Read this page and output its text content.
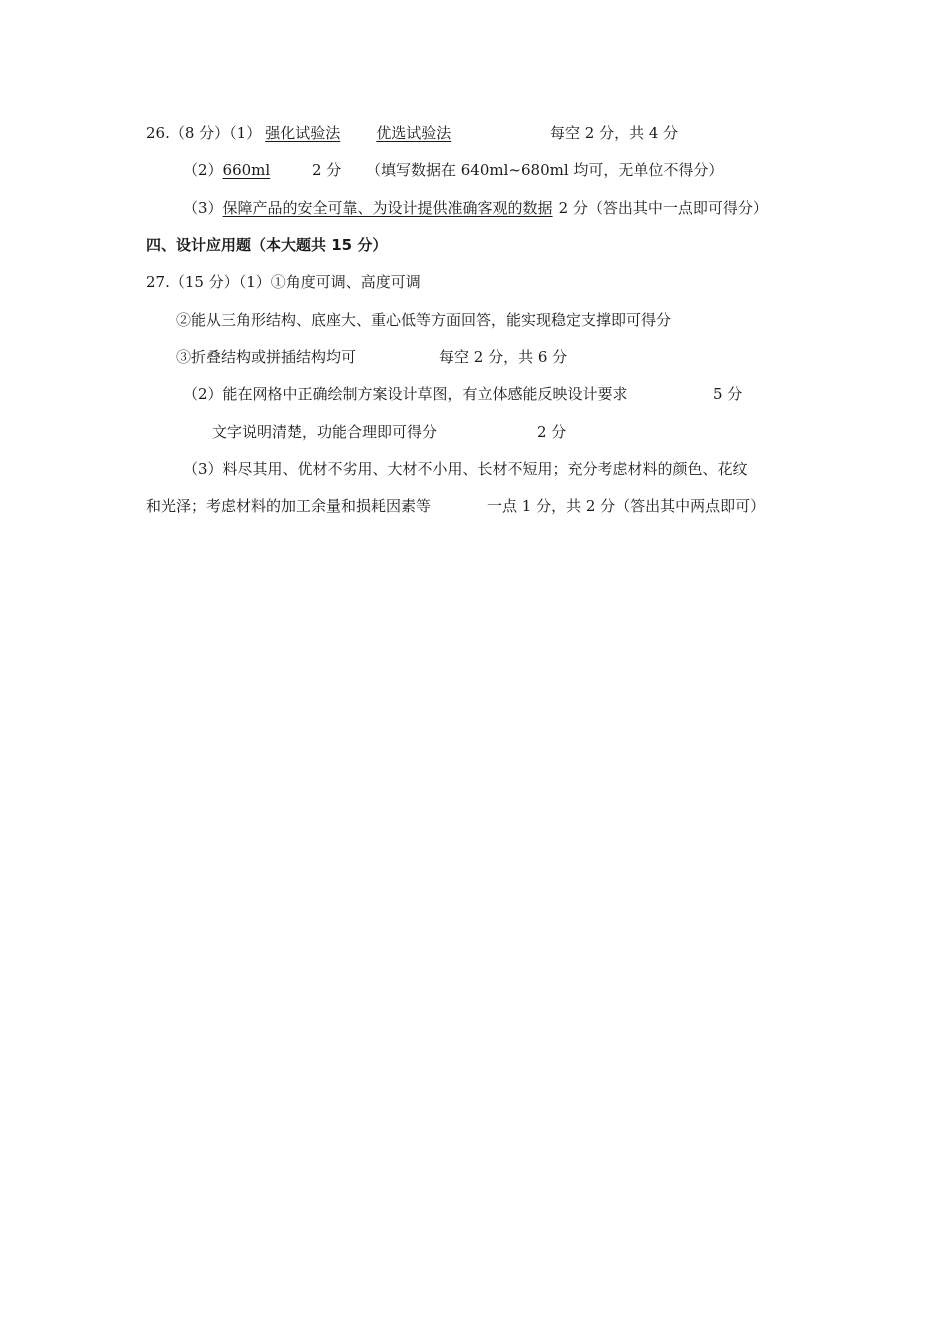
26.（8 分）（1） 强化试验法 优选试验法	每空 2 分，共 4 分
（2）660ml	2 分 （填写数据在 640ml~680ml 均可，无单位不得分）
（3）保障产品的安全可靠、为设计提供准确客观的数据 2 分（答出其中一点即可得分）
四、设计应用题（本大题共 15 分）
27.（15 分）（1）①角度可调、高度可调
②能从三角形结构、底座大、重心低等方面回答，能实现稳定支撑即可得分
③折叠结构或拼插结构均可	每空 2 分，共 6 分
（2）能在网格中正确绘制方案设计草图，有立体感能反映设计要求	5 分
文字说明清楚，功能合理即可得分	2 分
（3）料尽其用、优材不劣用、大材不小用、长材不短用；充分考虑材料的颜色、花纹
和光泽；考虑材料的加工余量和损耗因素等	一点 1 分，共 2 分（答出其中两点即可）
